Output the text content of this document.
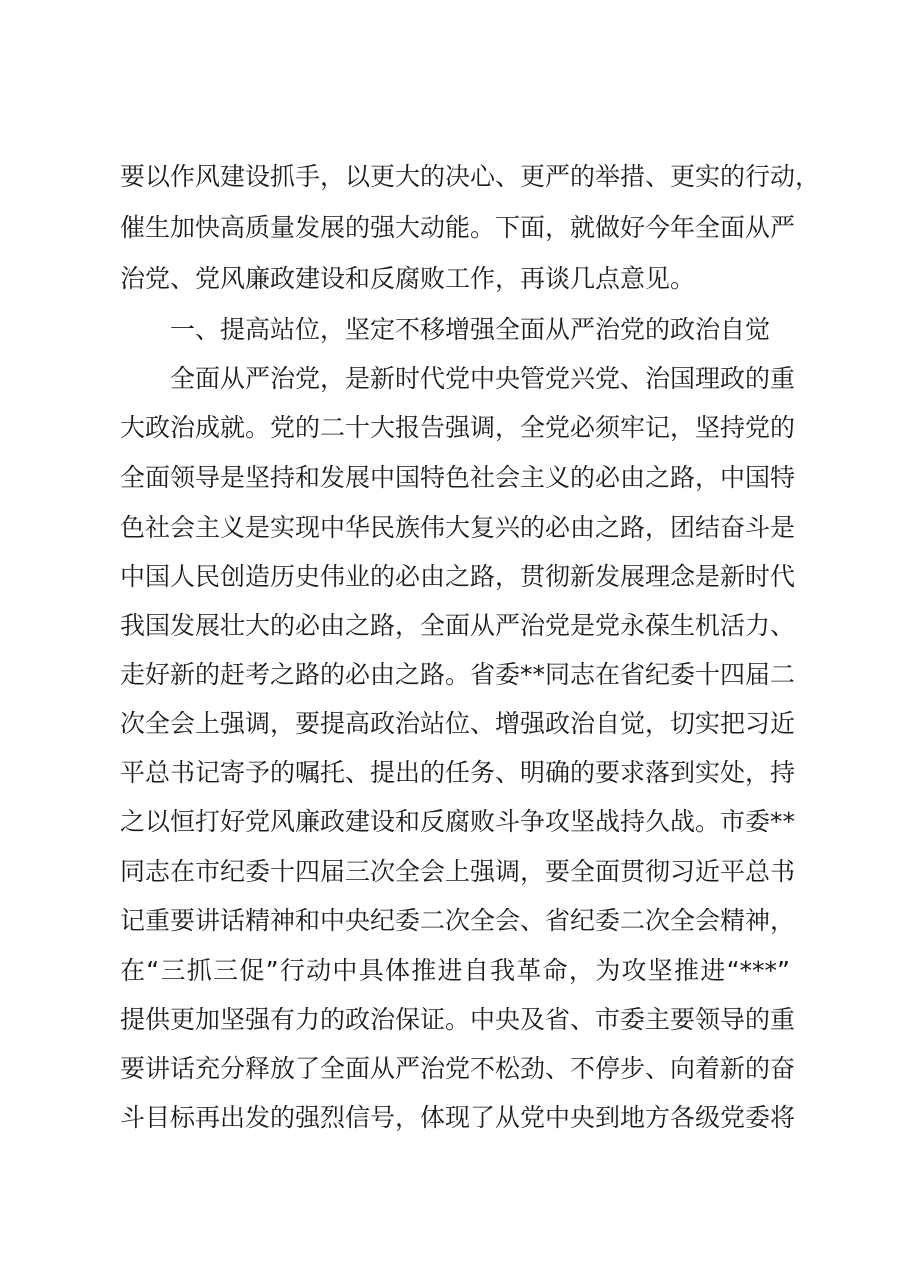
要以作风建设抓手，以更大的决心、更严的举措、更实的行动，
催生加快高质量发展的强大动能。下面，就做好今年全面从严
治党、党风廉政建设和反腐败工作，再谈几点意见。
一、提高站位，坚定不移增强全面从严治党的政治自觉
全面从严治党，是新时代党中央管党兴党、治国理政的重
大政治成就。党的二十大报告强调，全党必须牢记，坚持党的
全面领导是坚持和发展中国特色社会主义的必由之路，中国特
色社会主义是实现中华民族伟大复兴的必由之路，团结奋斗是
中国人民创造历史伟业的必由之路，贯彻新发展理念是新时代
我国发展壮大的必由之路，全面从严治党是党永葆生机活力、
走好新的赶考之路的必由之路。省委**同志在省纪委十四届二
次全会上强调，要提高政治站位、增强政治自觉，切实把习近
平总书记寄予的嘱托、提出的任务、明确的要求落到实处，持
之以恒打好党风廉政建设和反腐败斗争攻坚战持久战。市委**
同志在市纪委十四届三次全会上强调，要全面贯彻习近平总书
记重要讲话精神和中央纪委二次全会、省纪委二次全会精神，
在“三抓三促”行动中具体推进自我革命，为攻坚推进“***”
提供更加坚强有力的政治保证。中央及省、市委主要领导的重
要讲话充分释放了全面从严治党不松劲、不停步、向着新的奋
斗目标再出发的强烈信号，体现了从党中央到地方各级党委将
